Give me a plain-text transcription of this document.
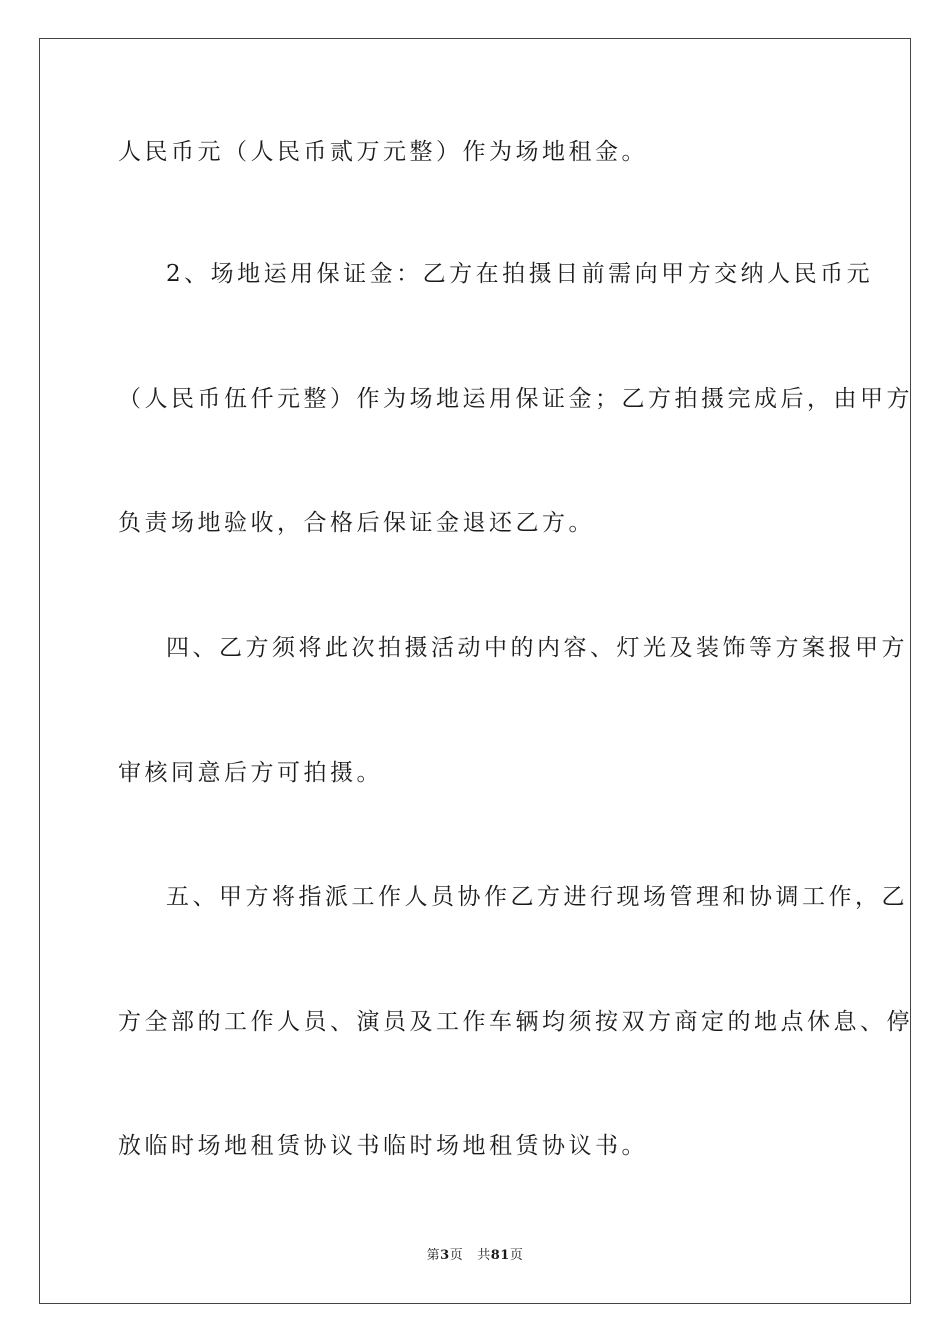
人民币元（人民币贰万元整）作为场地租金。
2、场地运用保证金：乙方在拍摄日前需向甲方交纳人民币元
（人民币伍仟元整）作为场地运用保证金；乙方拍摄完成后，由甲方
负责场地验收，合格后保证金退还乙方。
四、乙方须将此次拍摄活动中的内容、灯光及装饰等方案报甲方
审核同意后方可拍摄。
五、甲方将指派工作人员协作乙方进行现场管理和协调工作，乙
方全部的工作人员、演员及工作车辆均须按双方商定的地点休息、停
放临时场地租赁协议书临时场地租赁协议书。
第3页 共81页
